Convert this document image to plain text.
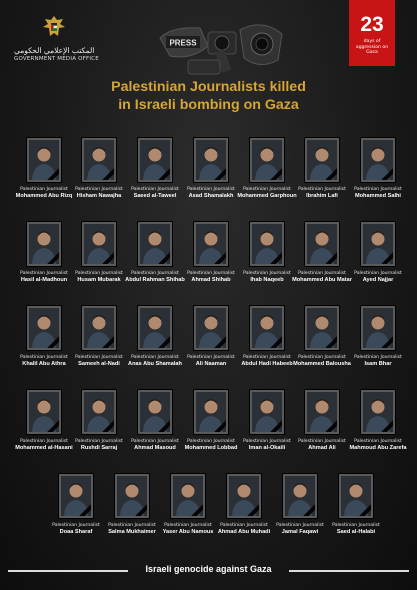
المكتب الإعلامي الحكومي
GOVERNMENT MEDIA OFFICE
PRESS
23
days of aggression on Gaza
Palestinian Journalists killed
in Israeli bombing on Gaza
Palestinian Journalist
Mohammed Abu Rizq
Palestinian Journalist
Hisham Nawajha
Palestinian Journalist
Saeed al-Taweel
Palestinian Journalist
Asad Shamalakh
Palestinian Journalist
Mohammed Garphoun
Palestinian Journalist
Ibrahim Lafi
Palestinian Journalist
Mohammed Salhi
Palestinian Journalist
Hasil al-Madhoun
Palestinian Journalist
Husam Mubarak
Palestinian Journalist
Abdul Rahman Shihab
Palestinian Journalist
Ahmad Shihab
Palestinian Journalist
Ihab Naqeeb
Palestinian Journalist
Mohammed Abu Matar
Palestinian Journalist
Ayed Najjar
Palestinian Journalist
Khalil Abu Athra
Palestinian Journalist
Sameeh al-Nadi
Palestinian Journalist
Anas Abu Shamalah
Palestinian Journalist
Ali Naaman
Palestinian Journalist
Abdul Hadi Habeeb
Palestinian Journalist
Mohammed Balousha
Palestinian Journalist
Isam Bhar
Palestinian Journalist
Mohammed al-Hasani
Palestinian Journalist
Rushdi Sarraj
Palestinian Journalist
Ahmad Masoud
Palestinian Journalist
Mohammed Lobbad
Palestinian Journalist
Iman al-Okaili
Palestinian Journalist
Ahmad Ali
Palestinian Journalist
Mahmoud Abu Zarefa
Palestinian Journalist
Doaa Sharaf
Palestinian Journalist
Salma Mukhaimer
Palestinian Journalist
Yaser Abu Namous
Palestinian Journalist
Ahmad Abu Muhadi
Palestinian Journalist
Jamal Faqawi
Palestinian Journalist
Saed al-Halabi
Israeli genocide against Gaza
